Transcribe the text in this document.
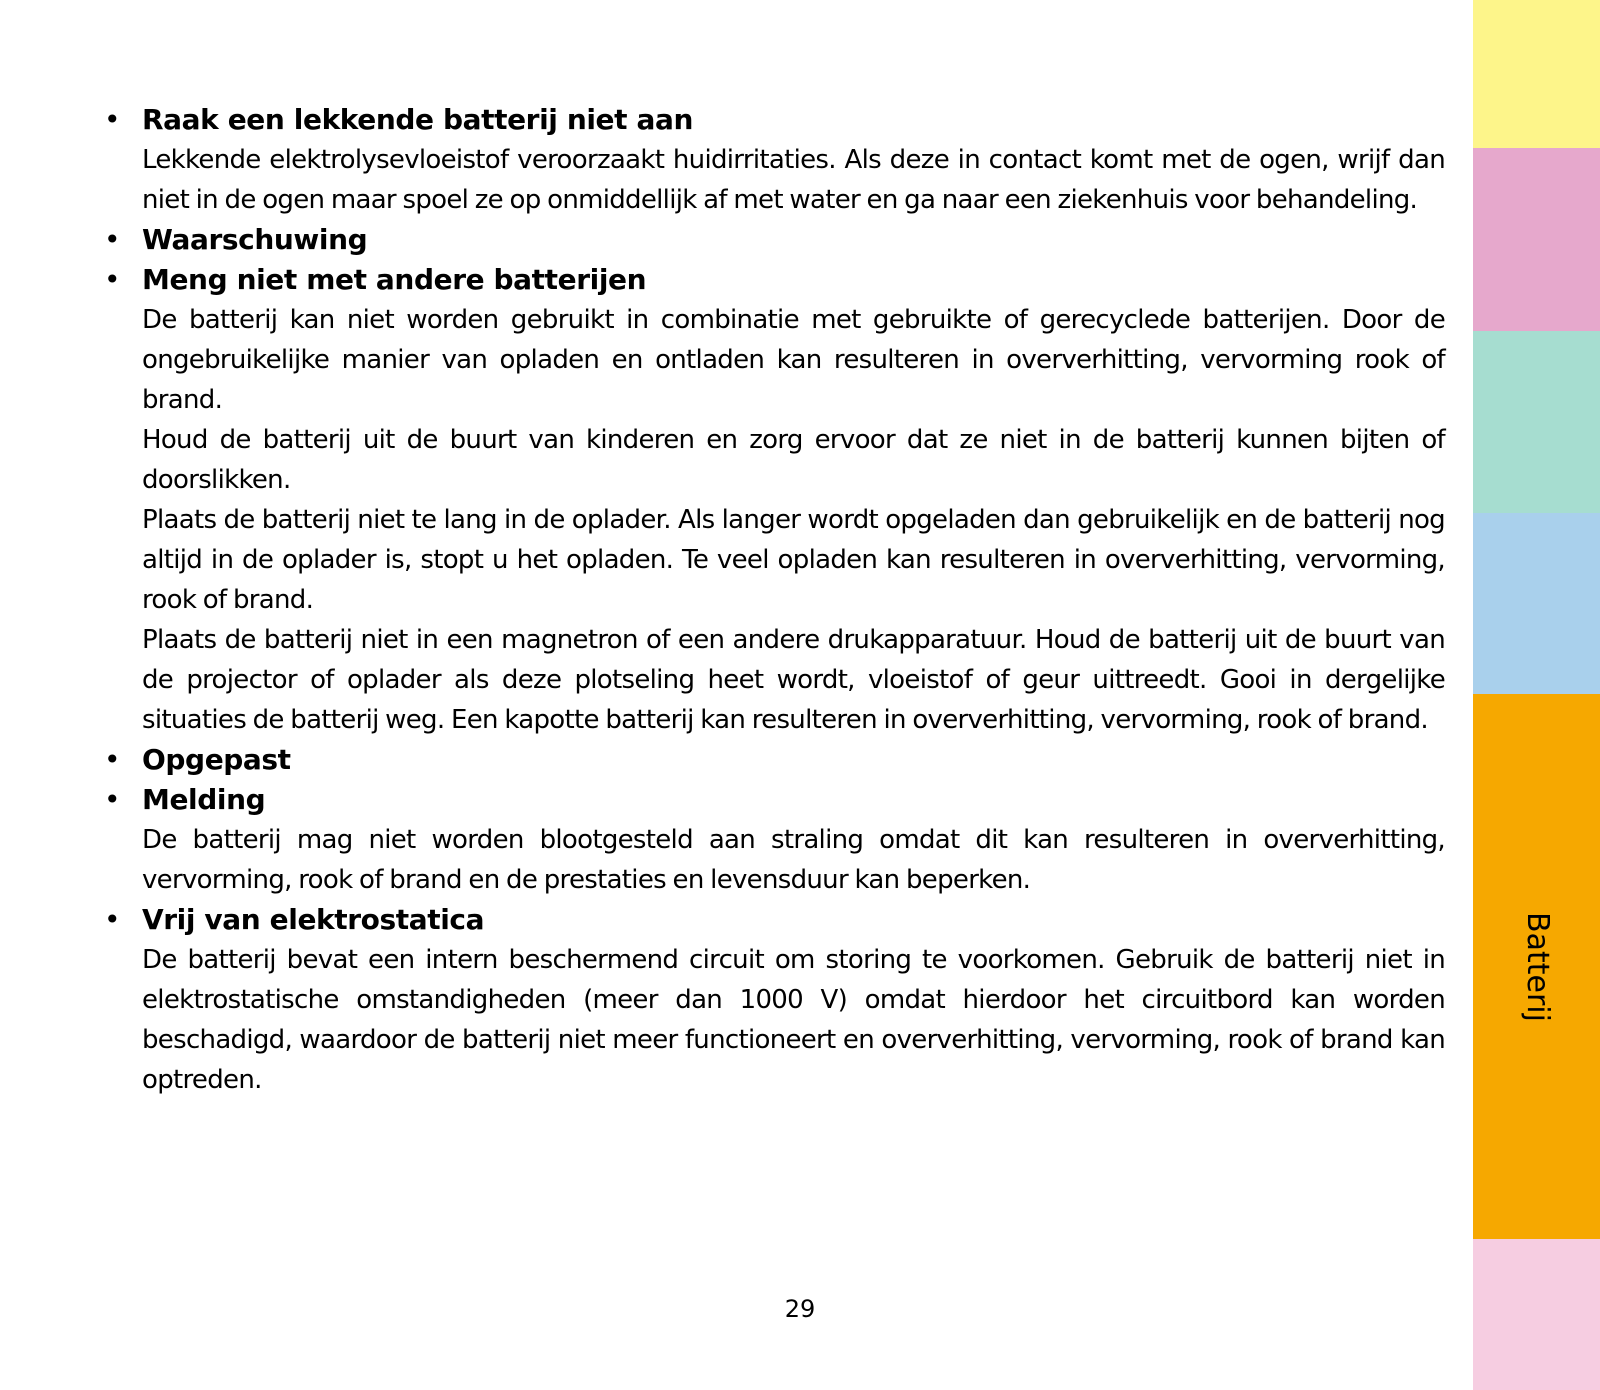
• Raak een lekkende batterij niet aan
Lekkende elektrolysevloeistof veroorzaakt huidirritaties. Als deze in contact komt met de ogen, wrijf dan niet in de ogen maar spoel ze op onmiddellijk af met water en ga naar een ziekenhuis voor behandeling.
• Waarschuwing
• Meng niet met andere batterijen
De batterij kan niet worden gebruikt in combinatie met gebruikte of gerecyclede batterijen. Door de ongebruikelijke manier van opladen en ontladen kan resulteren in oververhitting, vervorming rook of brand.
Houd de batterij uit de buurt van kinderen en zorg ervoor dat ze niet in de batterij kunnen bijten of doorslikken.
Plaats de batterij niet te lang in de oplader. Als langer wordt opgeladen dan gebruikelijk en de batterij nog altijd in de oplader is, stopt u het opladen. Te veel opladen kan resulteren in oververhitting, vervorming, rook of brand.
Plaats de batterij niet in een magnetron of een andere drukapparatuur. Houd de batterij uit de buurt van de projector of oplader als deze plotseling heet wordt, vloeistof of geur uittreedt. Gooi in dergelijke situaties de batterij weg. Een kapotte batterij kan resulteren in oververhitting, vervorming, rook of brand.
• Opgepast
• Melding
De batterij mag niet worden blootgesteld aan straling omdat dit kan resulteren in oververhitting, vervorming, rook of brand en de prestaties en levensduur kan beperken.
• Vrij van elektrostatica
De batterij bevat een intern beschermend circuit om storing te voorkomen. Gebruik de batterij niet in elektrostatische omstandigheden (meer dan 1000 V) omdat hierdoor het circuitbord kan worden beschadigd, waardoor de batterij niet meer functioneert en oververhitting, vervorming, rook of brand kan optreden.
29
Batterij
